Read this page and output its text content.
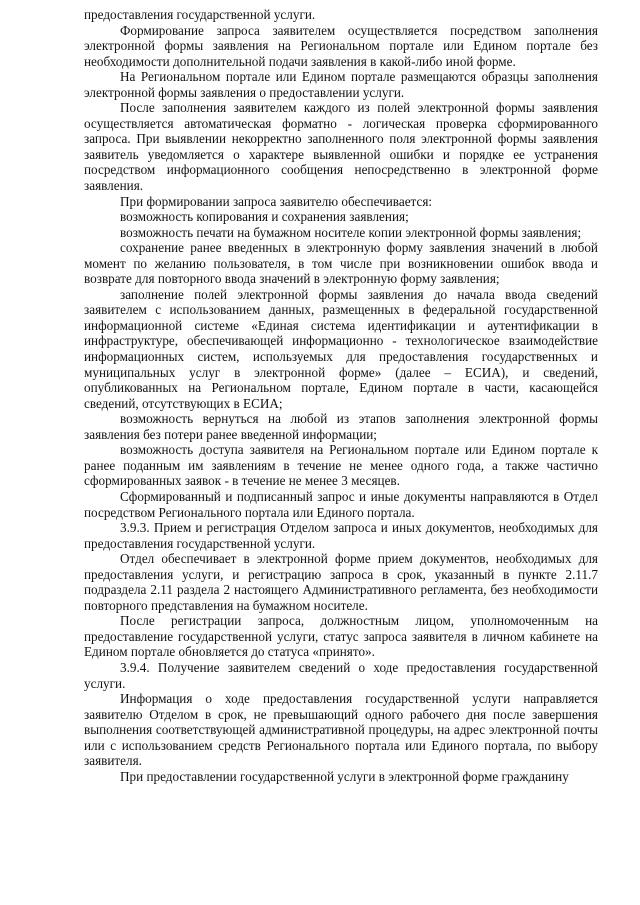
предоставления государственной услуги.

Формирование запроса заявителем осуществляется посредством заполнения электронной формы заявления на Региональном портале или Едином портале без необходимости дополнительной подачи заявления в какой-либо иной форме.

На Региональном портале или Едином портале размещаются образцы заполнения электронной формы заявления о предоставлении услуги.

После заполнения заявителем каждого из полей электронной формы заявления осуществляется автоматическая форматно - логическая проверка сформированного запроса. При выявлении некорректно заполненного поля электронной формы заявления заявитель уведомляется о характере выявленной ошибки и порядке ее устранения посредством информационного сообщения непосредственно в электронной форме заявления.

При формировании запроса заявителю обеспечивается:

возможность копирования и сохранения заявления;

возможность печати на бумажном носителе копии электронной формы заявления;

сохранение ранее введенных в электронную форму заявления значений в любой момент по желанию пользователя, в том числе при возникновении ошибок ввода и возврате для повторного ввода значений в электронную форму заявления;

заполнение полей электронной формы заявления до начала ввода сведений заявителем с использованием данных, размещенных в федеральной государственной информационной системе «Единая система идентификации и аутентификации в инфраструктуре, обеспечивающей информационно - технологическое взаимодействие информационных систем, используемых для предоставления государственных и муниципальных услуг в электронной форме» (далее – ЕСИА), и сведений, опубликованных на Региональном портале, Едином портале в части, касающейся сведений, отсутствующих в ЕСИА;

возможность вернуться на любой из этапов заполнения электронной формы заявления без потери ранее введенной информации;

возможность доступа заявителя на Региональном портале или Едином портале к ранее поданным им заявлениям в течение не менее одного года, а также частично сформированных заявок - в течение не менее 3 месяцев.

Сформированный и подписанный запрос и иные документы направляются в Отдел посредством Регионального портала или Единого портала.

3.9.3. Прием и регистрация Отделом запроса и иных документов, необходимых для предоставления государственной услуги.

Отдел обеспечивает в электронной форме прием документов, необходимых для предоставления услуги, и регистрацию запроса в срок, указанный в пункте 2.11.7 подраздела 2.11 раздела 2 настоящего Административного регламента, без необходимости повторного представления на бумажном носителе.

После регистрации запроса, должностным лицом, уполномоченным на предоставление государственной услуги, статус запроса заявителя в личном кабинете на Едином портале обновляется до статуса «принято».

3.9.4. Получение заявителем сведений о ходе предоставления государственной услуги.

Информация о ходе предоставления государственной услуги направляется заявителю Отделом в срок, не превышающий одного рабочего дня после завершения выполнения соответствующей административной процедуры, на адрес электронной почты или с использованием средств Регионального портала или Единого портала, по выбору заявителя.

При предоставлении государственной услуги в электронной форме гражданину
